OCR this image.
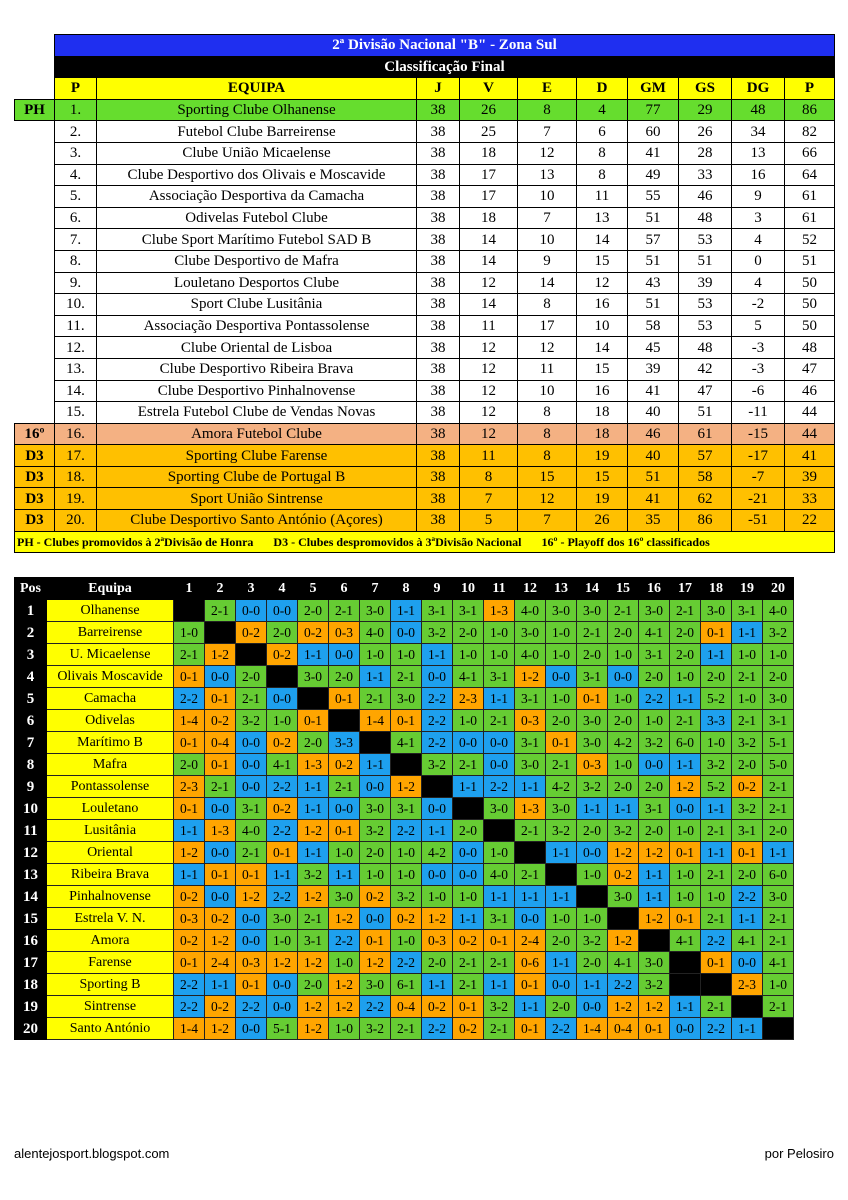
	2ª Divisão Nacional "B" - Zona Sul									
	Classificação Final									
	P	EQUIPA	J	V	E	D	GM	GS	DG	P
PH	1.	Sporting Clube Olhanense	38	26	8	4	77	29	48	86
	2.	Futebol Clube Barreirense	38	25	7	6	60	26	34	82
	3.	Clube União Micaelense	38	18	12	8	41	28	13	66
	4.	Clube Desportivo dos Olivais e Moscavide	38	17	13	8	49	33	16	64
	5.	Associação Desportiva da Camacha	38	17	10	11	55	46	9	61
	6.	Odivelas Futebol Clube	38	18	7	13	51	48	3	61
	7.	Clube Sport Marítimo Futebol SAD B	38	14	10	14	57	53	4	52
	8.	Clube Desportivo de Mafra	38	14	9	15	51	51	0	51
	9.	Louletano Desportos Clube	38	12	14	12	43	39	4	50
	10.	Sport Clube Lusitânia	38	14	8	16	51	53	-2	50
	11.	Associação Desportiva Pontassolense	38	11	17	10	58	53	5	50
	12.	Clube Oriental de Lisboa	38	12	12	14	45	48	-3	48
	13.	Clube Desportivo Ribeira Brava	38	12	11	15	39	42	-3	47
	14.	Clube Desportivo Pinhalnovense	38	12	10	16	41	47	-6	46
	15.	Estrela Futebol Clube de Vendas Novas	38	12	8	18	40	51	-11	44
16º	16.	Amora Futebol Clube	38	12	8	18	46	61	-15	44
D3	17.	Sporting Clube Farense	38	11	8	19	40	57	-17	41
D3	18.	Sporting Clube de Portugal B	38	8	15	15	51	58	-7	39
D3	19.	Sport União Sintrense	38	7	12	19	41	62	-21	33
D3	20.	Clube Desportivo Santo António (Açores)	38	5	7	26	35	86	-51	22
PH - Clubes promovidos à 2ªDivisão de Honra D3 - Clubes despromovidos à 3ªDivisão Nacional 16º - Playoff dos 16º classificados										
Pos	Equipa	1	2	3	4	5	6	7	8	9	10	11	12	13	14	15	16	17	18	19	20
1	Olhanense		2-1	0-0	0-0	2-0	2-1	3-0	1-1	3-1	3-1	1-3	4-0	3-0	3-0	2-1	3-0	2-1	3-0	3-1	4-0
2	Barreirense	1-0		0-2	2-0	0-2	0-3	4-0	0-0	3-2	2-0	1-0	3-0	1-0	2-1	2-0	4-1	2-0	0-1	1-1	3-2
3	U. Micaelense	2-1	1-2		0-2	1-1	0-0	1-0	1-0	1-1	1-0	1-0	4-0	1-0	2-0	1-0	3-1	2-0	1-1	1-0	1-0
4	Olivais Moscavide	0-1	0-0	2-0		3-0	2-0	1-1	2-1	0-0	4-1	3-1	1-2	0-0	3-1	0-0	2-0	1-0	2-0	2-1	2-0
5	Camacha	2-2	0-1	2-1	0-0		0-1	2-1	3-0	2-2	2-3	1-1	3-1	1-0	0-1	1-0	2-2	1-1	5-2	1-0	3-0
6	Odivelas	1-4	0-2	3-2	1-0	0-1		1-4	0-1	2-2	1-0	2-1	0-3	2-0	3-0	2-0	1-0	2-1	3-3	2-1	3-1
7	Marítimo B	0-1	0-4	0-0	0-2	2-0	3-3		4-1	2-2	0-0	0-0	3-1	0-1	3-0	4-2	3-2	6-0	1-0	3-2	5-1
8	Mafra	2-0	0-1	0-0	4-1	1-3	0-2	1-1		3-2	2-1	0-0	3-0	2-1	0-3	1-0	0-0	1-1	3-2	2-0	5-0
9	Pontassolense	2-3	2-1	0-0	2-2	1-1	2-1	0-0	1-2		1-1	2-2	1-1	4-2	3-2	2-0	2-0	1-2	5-2	0-2	2-1
10	Louletano	0-1	0-0	3-1	0-2	1-1	0-0	3-0	3-1	0-0		3-0	1-3	3-0	1-1	1-1	3-1	0-0	1-1	3-2	2-1
11	Lusitânia	1-1	1-3	4-0	2-2	1-2	0-1	3-2	2-2	1-1	2-0		2-1	3-2	2-0	3-2	2-0	1-0	2-1	3-1	2-0
12	Oriental	1-2	0-0	2-1	0-1	1-1	1-0	2-0	1-0	4-2	0-0	1-0		1-1	0-0	1-2	1-2	0-1	1-1	0-1	1-1
13	Ribeira Brava	1-1	0-1	0-1	1-1	3-2	1-1	1-0	1-0	0-0	0-0	4-0	2-1		1-0	0-2	1-1	1-0	2-1	2-0	6-0
14	Pinhalnovense	0-2	0-0	1-2	2-2	1-2	3-0	0-2	3-2	1-0	1-0	1-1	1-1	1-1		3-0	1-1	1-0	1-0	2-2	3-0
15	Estrela V. N.	0-3	0-2	0-0	3-0	2-1	1-2	0-0	0-2	1-2	1-1	3-1	0-0	1-0	1-0		1-2	0-1	2-1	1-1	2-1
16	Amora	0-2	1-2	0-0	1-0	3-1	2-2	0-1	1-0	0-3	0-2	0-1	2-4	2-0	3-2	1-2		4-1	2-2	4-1	2-1
17	Farense	0-1	2-4	0-3	1-2	1-2	1-0	1-2	2-2	2-0	2-1	2-1	0-6	1-1	2-0	4-1	3-0		0-1	0-0	4-1
18	Sporting B	2-2	1-1	0-1	0-0	2-0	1-2	3-0	6-1	1-1	2-1	1-1	0-1	0-0	1-1	2-2	3-2			2-3	1-0
19	Sintrense	2-2	0-2	2-2	0-0	1-2	1-2	2-2	0-4	0-2	0-1	3-2	1-1	2-0	0-0	1-2	1-2	1-1	2-1		2-1
20	Santo António	1-4	1-2	0-0	5-1	1-2	1-0	3-2	2-1	2-2	0-2	2-1	0-1	2-2	1-4	0-4	0-1	0-0	2-2	1-1	
alentejosport.blogspot.com	por Pelosiro
